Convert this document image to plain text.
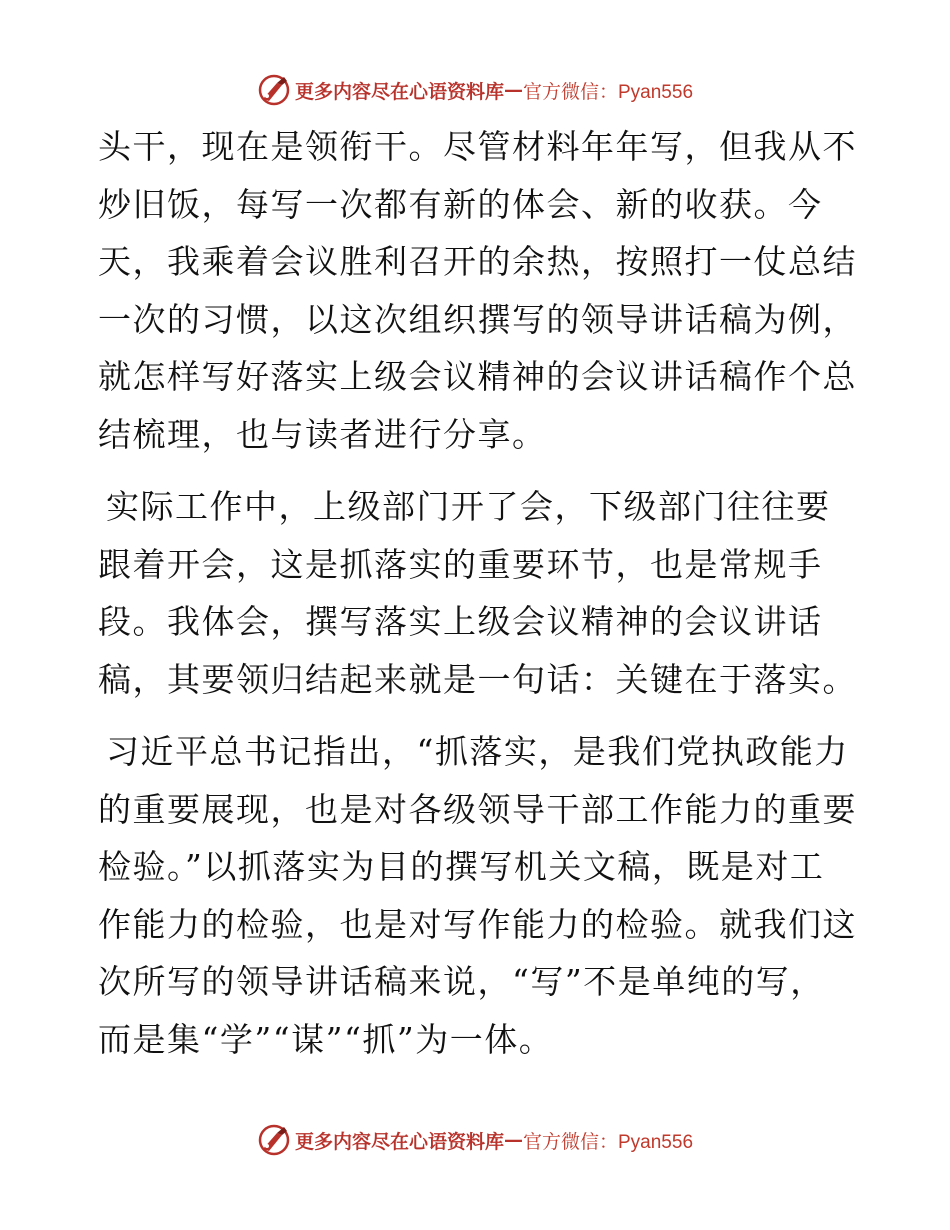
更多内容尽在心语资料库 — 官方微信：Pyan556

头干，现在是领衔干。尽管材料年年写，但我从不炒旧饭，每写一次都有新的体会、新的收获。今天，我乘着会议胜利召开的余热，按照打一仗总结一次的习惯，以这次组织撰写的领导讲话稿为例，就怎样写好落实上级会议精神的会议讲话稿作个总结梳理，也与读者进行分享。

实际工作中，上级部门开了会，下级部门往往要跟着开会，这是抓落实的重要环节，也是常规手段。我体会，撰写落实上级会议精神的会议讲话稿，其要领归结起来就是一句话：关键在于落实。

习近平总书记指出，“抓落实，是我们党执政能力的重要展现，也是对各级领导干部工作能力的重要检验。”以抓落实为目的撰写机关文稿，既是对工作能力的检验，也是对写作能力的检验。就我们这次所写的领导讲话稿来说，“写”不是单纯的写，而是集“学”“谋”“抓”为一体。

更多内容尽在心语资料库 — 官方微信：Pyan556
